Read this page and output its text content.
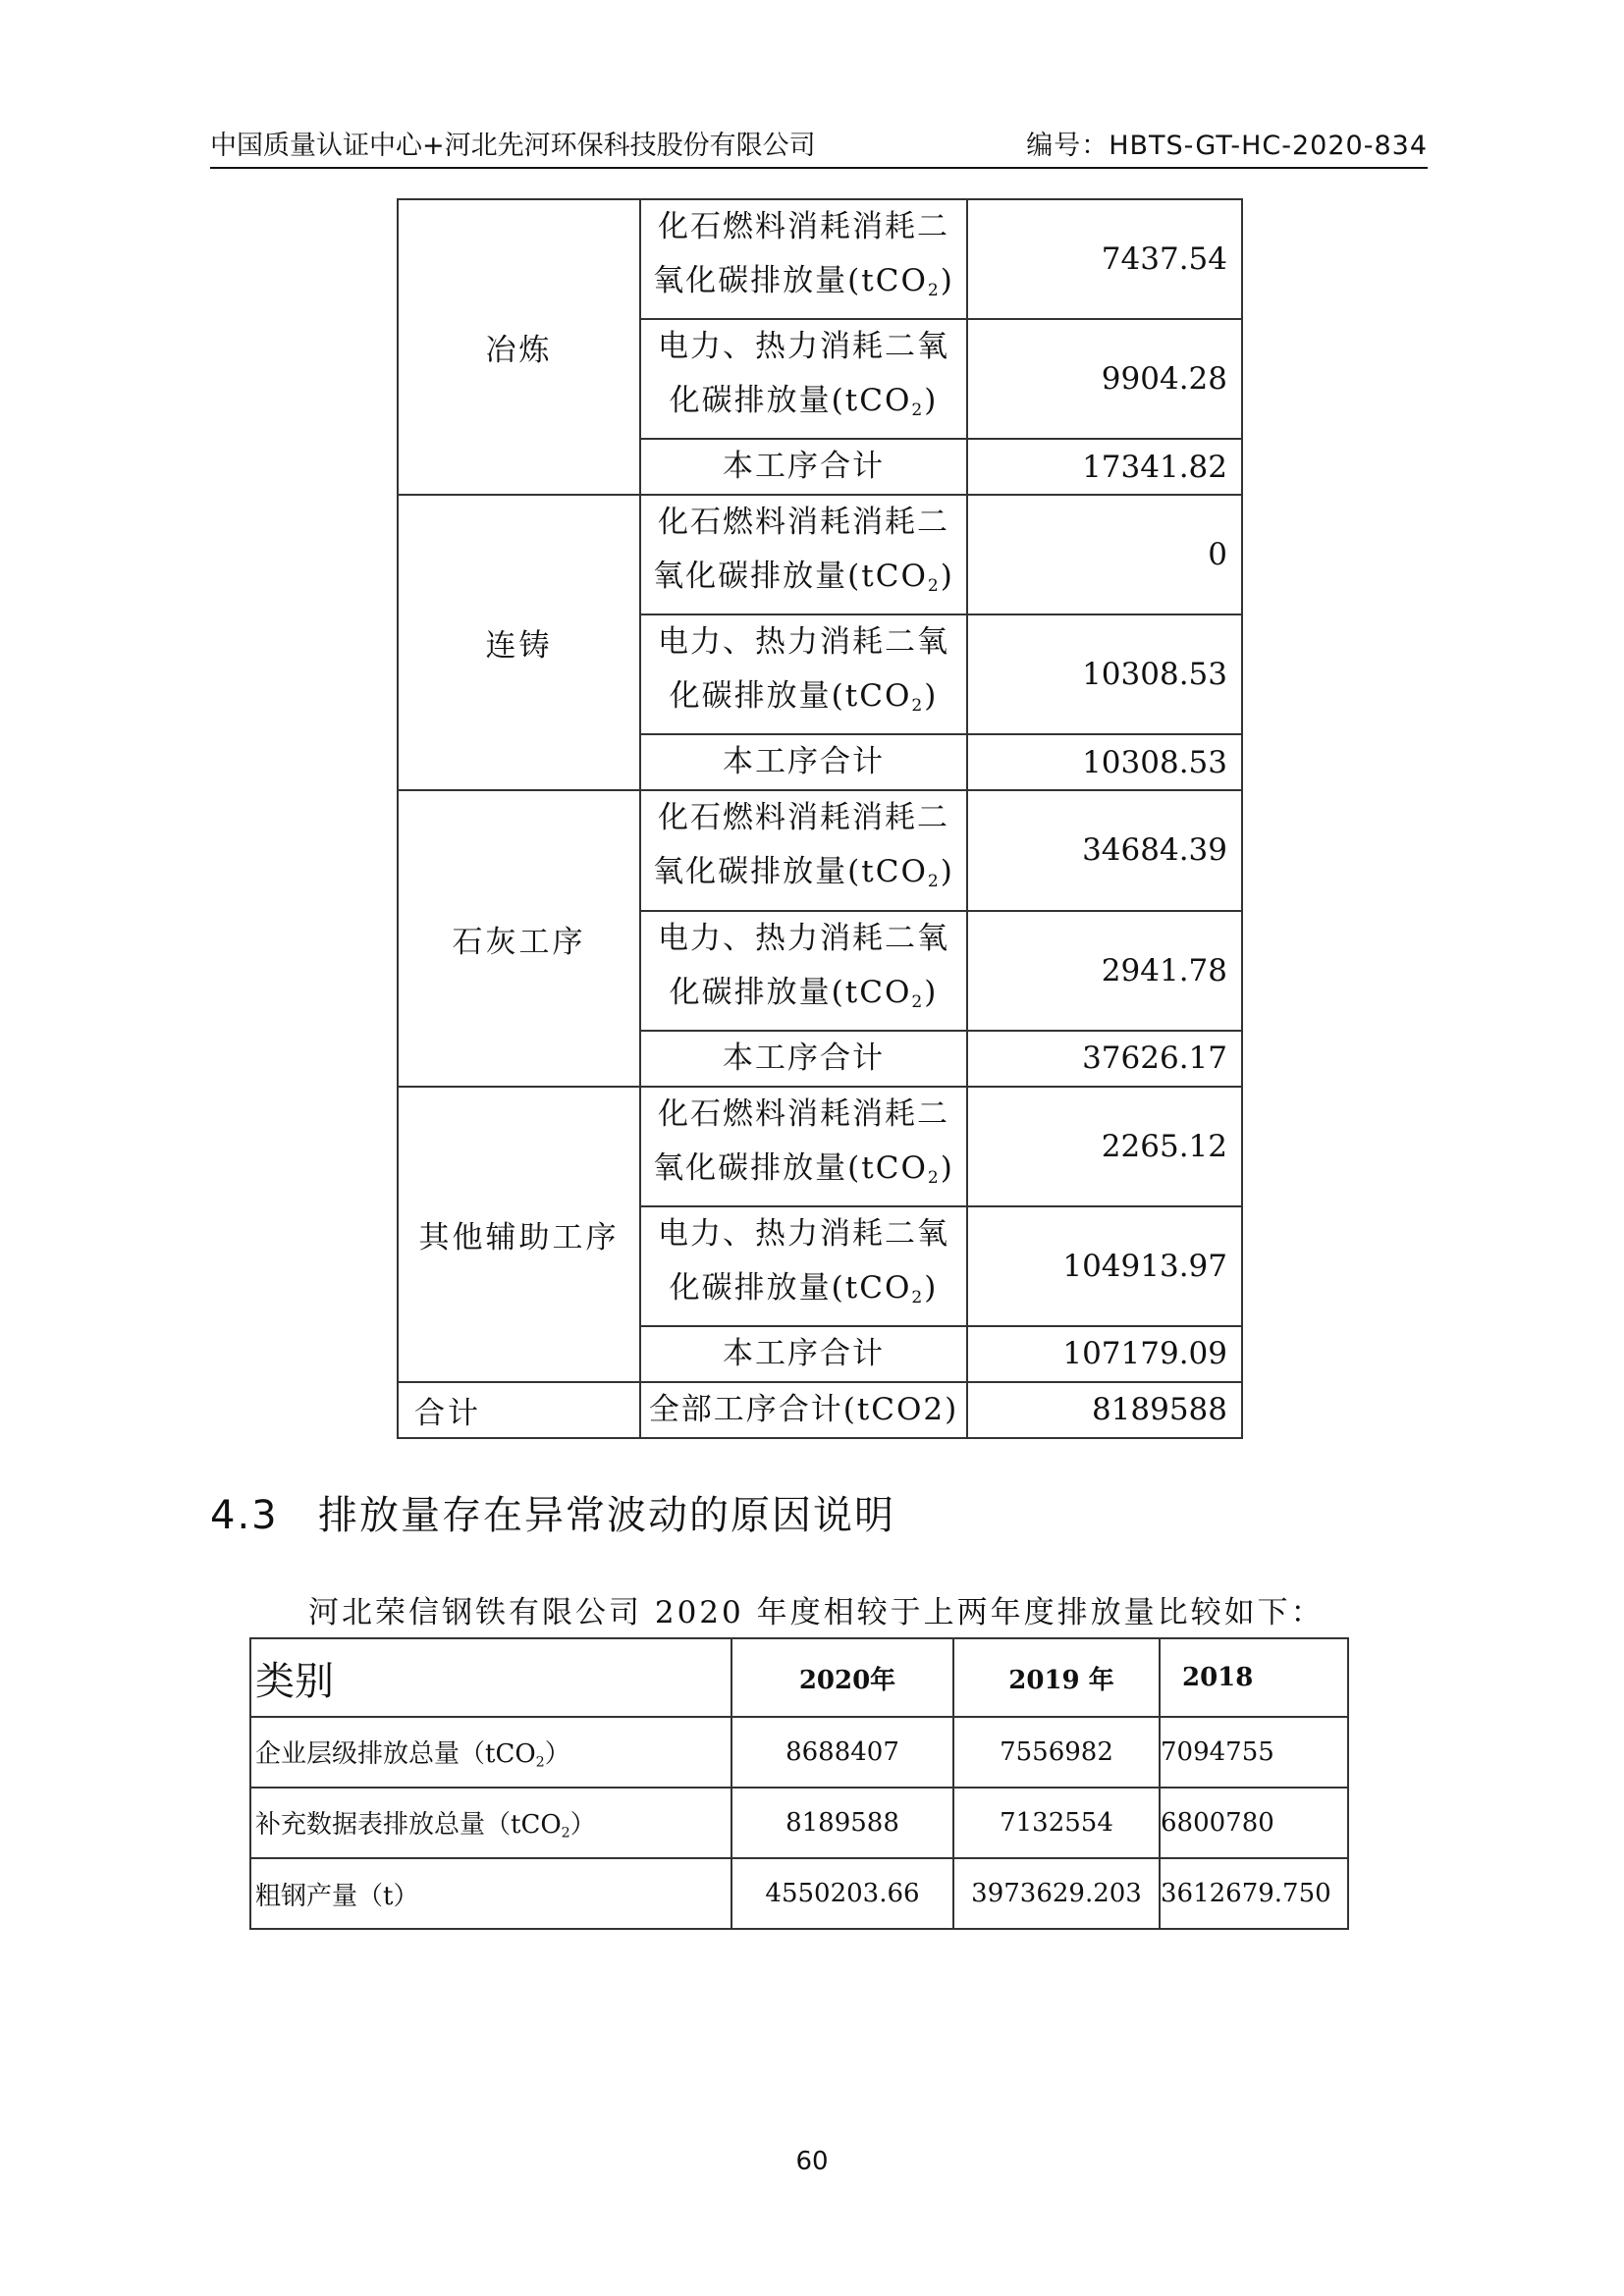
中国质量认证中心+河北先河环保科技股份有限公司	编号：HBTS-GT-HC-2020-834
冶炼	化石燃料消耗消耗二
氧化碳排放量(tCO$_2$)	7437.54

	电力、热力消耗二氧
化碳排放量(tCO$_2$)	9904.28
	本工序合计	17341.82
连铸	化石燃料消耗消耗二
氧化碳排放量(tCO$_2$)	0

	电力、热力消耗二氧
化碳排放量(tCO$_2$)	10308.53
	本工序合计	10308.53
石灰工序	化石燃料消耗消耗二
氧化碳排放量(tCO$_2$)	34684.39

	电力、热力消耗二氧
化碳排放量(tCO$_2$)	2941.78
	本工序合计	37626.17
其他辅助工序	化石燃料消耗消耗二
氧化碳排放量(tCO$_2$)	2265.12

	电力、热力消耗二氧
化碳排放量(tCO$_2$)	104913.97
	本工序合计	107179.09
合计	全部工序合计(tCO2)	8189588
4.3 排放量存在异常波动的原因说明
河北荣信钢铁有限公司 2020 年度相较于上两年度排放量比较如下：
类别	2020年	2019 年	2018
企业层级排放总量（tCO$_2$）	8688407	7556982	7094755
补充数据表排放总量（tCO$_2$）	8189588	7132554	6800780
粗钢产量（t）	4550203.66	3973629.203	3612679.750
60
